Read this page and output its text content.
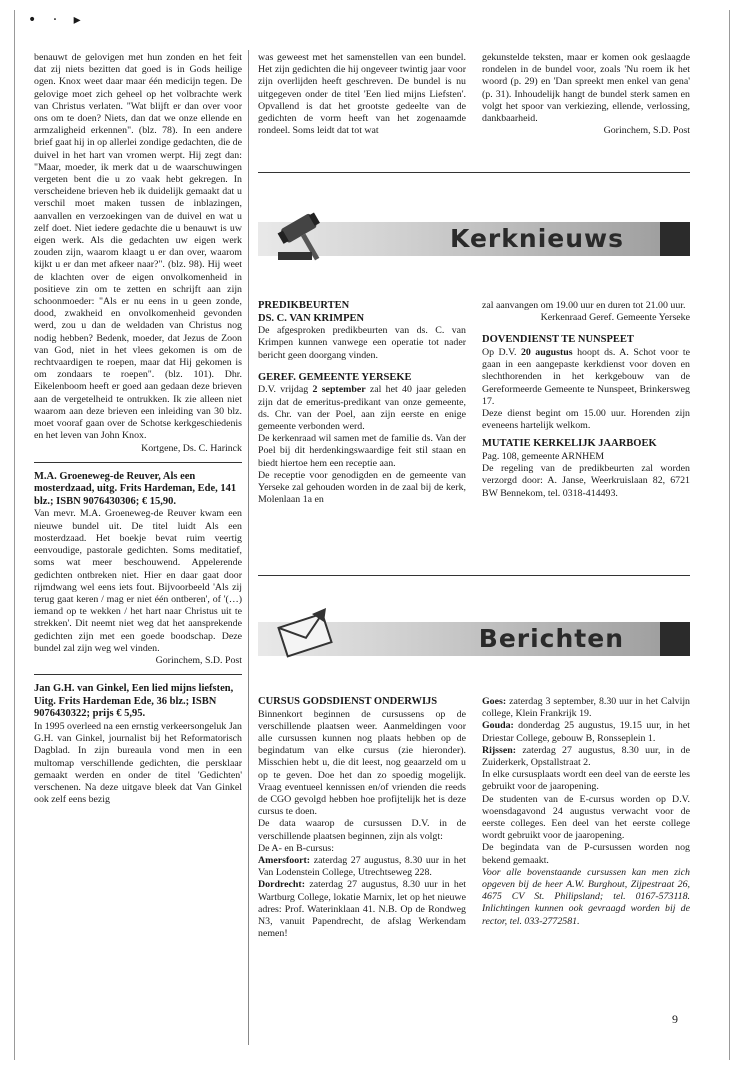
• · ▸

benauwt de gelovigen met hun zonden en het feit dat zij niets bezitten dat goed is in Gods heilige ogen. Knox weet daar maar één medicijn tegen. De gelovige moet zich geheel op het volbrachte werk van Christus verlaten. "Wat blijft er dan over voor ons om te doen? Niets, dan dat we onze ellende en armzaligheid erkennen". (blz. 78). In een andere brief gaat hij in op allerlei zondige gedachten, die de duivel in het hart van vromen werpt. Hij zegt dan: "Maar, moeder, ik merk dat u de waarschuwingen vergeten bent die u zo vaak hebt gekregen. In verscheidene brieven heb ik duidelijk gemaakt dat u verschil moet maken tussen de inblazingen, aanvallen en verzoekingen van de duivel en wat u zelf doet. Niet iedere gedachte die u benauwt is uw eigen werk. Als die gedachten uw eigen werk zouden zijn, waarom klaagt u er dan over, waarom kijkt u er dan met afkeer naar?". (blz. 98). Hij weet de klachten over de eigen onvolkomenheid in positieve zin om te zetten en schrijft aan zijn schoonmoeder: "Als er nu eens in u geen zonde, dood, zwakheid en onvolkomenheid gevonden werd, zou u dan de weldaden van Christus nog nodig hebben? Bedenk, moeder, dat Jezus de Zoon van God, niet in het vlees gekomen is om de rechtvaardigen te roepen, maar dat Hij gekomen is om zondaars te roepen". (blz. 101). Dhr. Eikelenboom heeft er goed aan gedaan deze brieven aan de vergetelheid te ontrukken. Ik zie alleen niet waarom aan deze brieven een inleiding van 30 blz. moet vooraf gaan over de Schotse kerkgeschiedenis en het leven van John Knox.

Kortgene, Ds. C. Harinck

M.A. Groeneweg-de Reuver, Als een mosterdzaad, uitg. Frits Hardeman, Ede, 141 blz.; ISBN 9076430306; € 15,90.

Van mevr. M.A. Groeneweg-de Reuver kwam een nieuwe bundel uit. De titel luidt Als een mosterdzaad. Het boekje bevat ruim veertig eenvoudige, pastorale gedichten. Soms meditatief, soms wat meer beschouwend. Appelerende gedichten ontbreken niet. Hier en daar gaat door rijmdwang wel eens iets fout. Bijvoorbeeld 'Als zij terug gaat keren / mag er niet één ontberen', of '(…) iemand op te wekken / het hart naar Christus uit te strekken'. Dit neemt niet weg dat het aansprekende gedichten zijn met een goede boodschap. Deze bundel zal zijn weg wel vinden.

Gorinchem, S.D. Post

Jan G.H. van Ginkel, Een lied mijns liefsten, Uitg. Frits Hardeman Ede, 36 blz.; ISBN 9076430322; prijs € 5,95.

In 1995 overleed na een ernstig verkeersongeluk Jan G.H. van Ginkel, journalist bij het Reformatorisch Dagblad. In zijn bureaula vond men in een multomap verschillende gedichten, die persklaar gemaakt werden en onder de titel 'Gedichten' verschenen. Na deze uitgave bleek dat Van Ginkel ook zelf eens bezig

was geweest met het samenstellen van een bundel. Het zijn gedichten die hij ongeveer twintig jaar voor zijn overlijden heeft geschreven. De bundel is nu uitgegeven onder de titel 'Een lied mijns Liefsten'. Opvallend is dat het grootste gedeelte van de gedichten de vorm heeft van het zogenaamde rondeel. Soms leidt dat tot wat

gekunstelde teksten, maar er komen ook geslaagde rondelen in de bundel voor, zoals 'Nu roem ik het woord (p. 29) en 'Dan spreekt men enkel van gena' (p. 31). Inhoudelijk hangt de bundel sterk samen en volgt het spoor van verkiezing, ellende, verlossing, dankbaarheid.

Gorinchem, S.D. Post

Kerknieuws
PREDIKBEURTEN
DS. C. VAN KRIMPEN

De afgesproken predikbeurten van ds. C. van Krimpen kunnen vanwege een operatie tot nader bericht geen doorgang vinden.

GEREF. GEMEENTE YERSEKE

D.V. vrijdag 2 september zal het 40 jaar geleden zijn dat de emeritus-predikant van onze gemeente, ds. Chr. van der Poel, aan zijn eerste en enige gemeente verbonden werd.

De kerkenraad wil samen met de familie ds. Van der Poel bij dit herdenkingswaardige feit stil staan en biedt hiertoe hem een receptie aan.

De receptie voor genodigden en de gemeente van Yerseke zal gehouden worden in de zaal bij de kerk, Molenlaan 1a en

zal aanvangen om 19.00 uur en duren tot 21.00 uur.

Kerkenraad Geref. Gemeente Yerseke

DOVENDIENST TE NUNSPEET

Op D.V. 20 augustus hoopt ds. A. Schot voor te gaan in een aangepaste kerkdienst voor doven en slechthorenden in het kerkgebouw van de Gereformeerde Gemeente te Nunspeet, Brinkersweg 17.

Deze dienst begint om 15.00 uur. Horenden zijn eveneens hartelijk welkom.

MUTATIE KERKELIJK JAARBOEK

Pag. 108, gemeente ARNHEM

De regeling van de predikbeurten zal worden verzorgd door: A. Janse, Weerkruislaan 82, 6721 BW Bennekom, tel. 0318-414493.

Berichten
CURSUS GODSDIENST ONDERWIJS

Binnenkort beginnen de cursussens op de verschillende plaatsen weer. Aanmeldingen voor alle cursussen kunnen nog plaats hebben op de begindatum van elke cursus (zie hieronder). Misschien hebt u, die dit leest, nog geaarzeld om u op te geven. Doe het dan zo spoedig mogelijk. Vraag eventueel kennissen en/of vrienden die reeds de CGO gevolgd hebben hoe profijtelijk het is deze cursus te doen.

De data waarop de cursussen D.V. in de verschillende plaatsen beginnen, zijn als volgt:

De A- en B-cursus:

Amersfoort: zaterdag 27 augustus, 8.30 uur in het Van Lodenstein College, Utrechtseweg 228.

Dordrecht: zaterdag 27 augustus, 8.30 uur in het Wartburg College, lokatie Marnix, let op het nieuwe adres: Prof. Waterinklaan 41. N.B. Op de Rondweg N3, vanuit Papendrecht, de afslag Werkendam nemen!

Goes: zaterdag 3 september, 8.30 uur in het Calvijn college, Klein Frankrijk 19.

Gouda: donderdag 25 augustus, 19.15 uur, in het Driestar College, gebouw B, Ronsseplein 1.

Rijssen: zaterdag 27 augustus, 8.30 uur, in de Zuiderkerk, Opstallstraat 2.

In elke cursusplaats wordt een deel van de eerste les gebruikt voor de jaaropening.

De studenten van de E-cursus worden op D.V. woensdagavond 24 augustus verwacht voor de eerste colleges. Een deel van het eerste college wordt gebruikt voor de jaaropening.

De begindata van de P-cursussen worden nog bekend gemaakt.

Voor alle bovenstaande cursussen kan men zich opgeven bij de heer A.W. Burghout, Zijpestraat 26, 4675 CV St. Philipsland; tel. 0167-573118. Inlichtingen kunnen ook gevraagd worden bij de rector, tel. 033-2772581.

9
